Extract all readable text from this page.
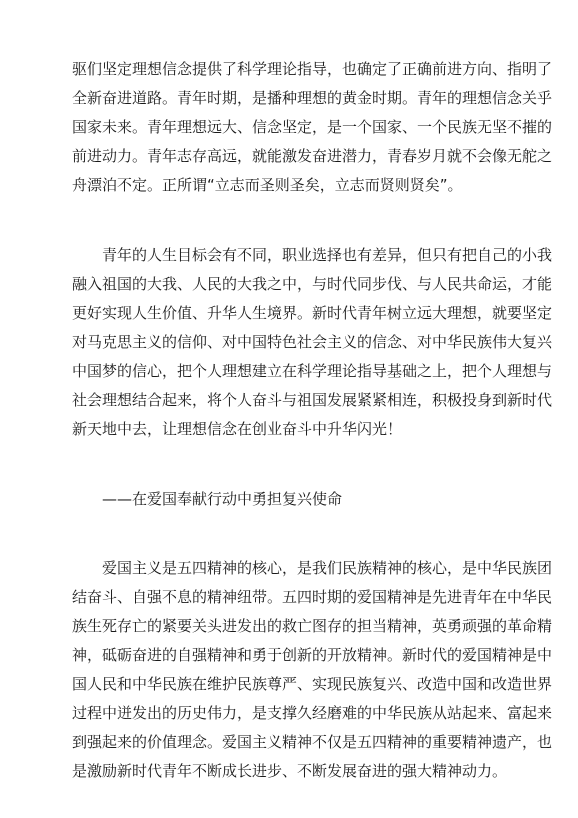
驱们坚定理想信念提供了科学理论指导，也确定了正确前进方向、指明了
全新奋进道路。青年时期，是播种理想的黄金时期。青年的理想信念关乎
国家未来。青年理想远大、信念坚定，是一个国家、一个民族无坚不摧的
前进动力。青年志存高远，就能激发奋进潜力，青春岁月就不会像无舵之
舟漂泊不定。正所谓“立志而圣则圣矣，立志而贤则贤矣”。
青年的人生目标会有不同，职业选择也有差异，但只有把自己的小我
融入祖国的大我、人民的大我之中，与时代同步伐、与人民共命运，才能
更好实现人生价值、升华人生境界。新时代青年树立远大理想，就要坚定
对马克思主义的信仰、对中国特色社会主义的信念、对中华民族伟大复兴
中国梦的信心，把个人理想建立在科学理论指导基础之上，把个人理想与
社会理想结合起来，将个人奋斗与祖国发展紧紧相连，积极投身到新时代
新天地中去，让理想信念在创业奋斗中升华闪光！
——在爱国奉献行动中勇担复兴使命
爱国主义是五四精神的核心，是我们民族精神的核心，是中华民族团
结奋斗、自强不息的精神纽带。五四时期的爱国精神是先进青年在中华民
族生死存亡的紧要关头进发出的救亡图存的担当精神，英勇顽强的革命精
神，砥砺奋进的自强精神和勇于创新的开放精神。新时代的爱国精神是中
国人民和中华民族在维护民族尊严、实现民族复兴、改造中国和改造世界
过程中迸发出的历史伟力，是支撑久经磨难的中华民族从站起来、富起来
到强起来的价值理念。爱国主义精神不仅是五四精神的重要精神遗产，也
是激励新时代青年不断成长进步、不断发展奋进的强大精神动力。
